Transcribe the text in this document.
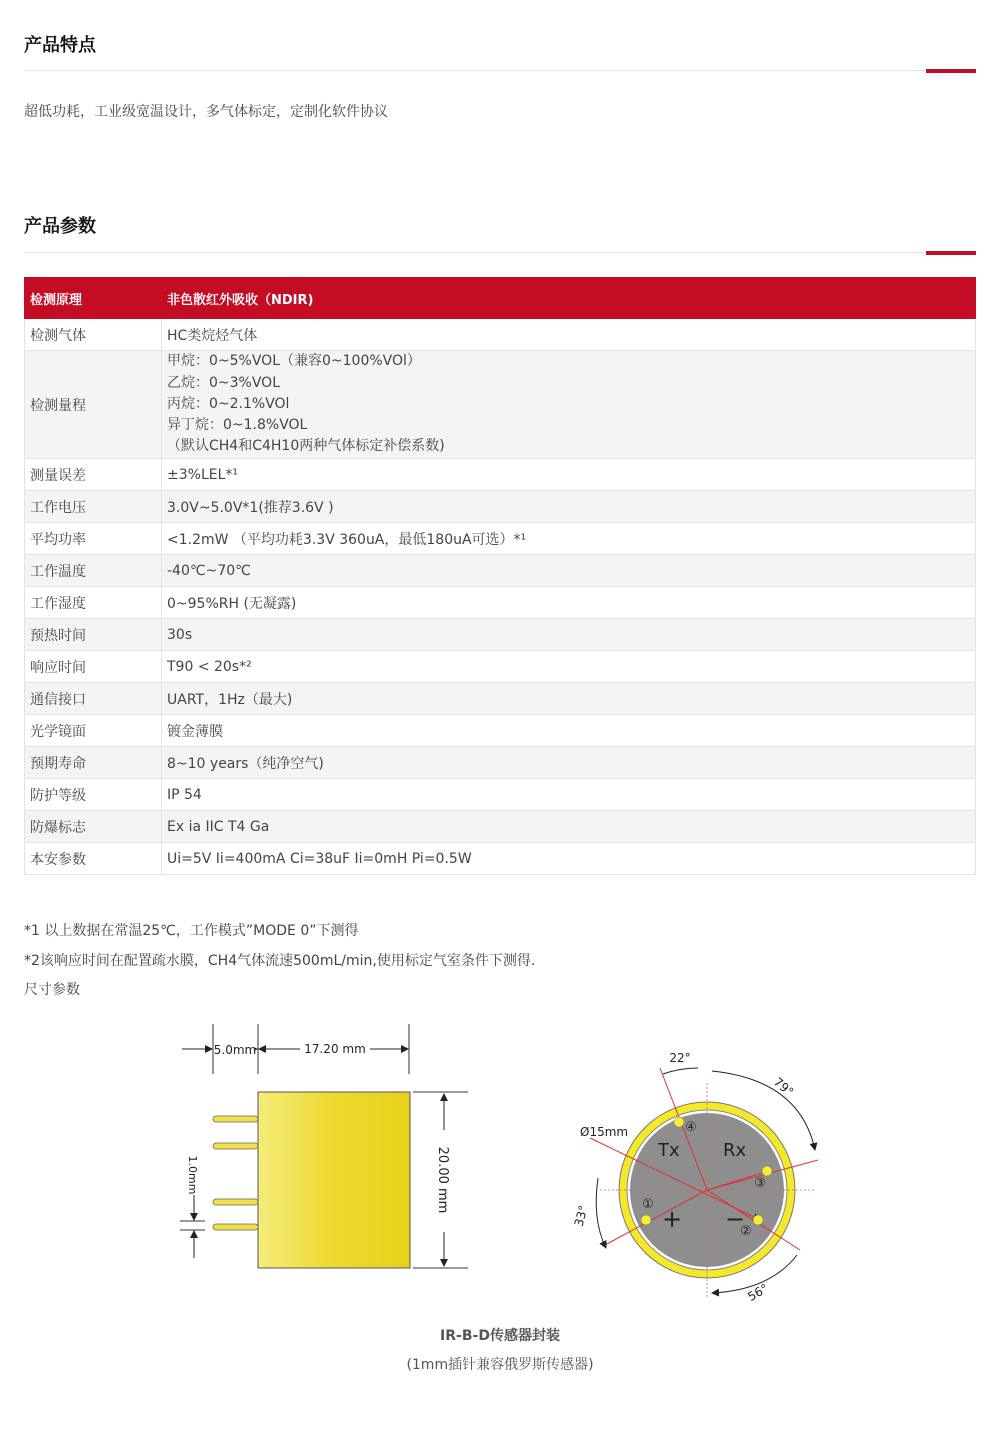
产品特点
超低功耗，工业级宽温设计，多气体标定，定制化软件协议
产品参数
检测原理	非色散红外吸收（NDIR)
检测气体	HC类烷烃气体
检测量程	甲烷：0~5%VOL（兼容0~100%VOl）
乙烷：0~3%VOL
丙烷：0~2.1%VOl
异丁烷：0~1.8%VOL
（默认CH4和C4H10两种气体标定补偿系数)

测量误差	±3%LEL*¹
工作电压	3.0V~5.0V*1(推荐3.6V )
平均功率	<1.2mW （平均功耗3.3V 360uA，最低180uA可选）*¹
工作温度	-40℃~70℃
工作湿度	0~95%RH (无凝露)
预热时间	30s
响应时间	T90 < 20s*²
通信接口	UART，1Hz（最大)
光学镜面	镀金薄膜
预期寿命	8~10 years（纯净空气)
防护等级	IP 54
防爆标志	Ex ia IIC T4 Ga
本安参数	Ui=5V Ii=400mA Ci=38uF Ii=0mH Pi=0.5W
*1 以上数据在常温25℃，工作模式”MODE 0”下测得
*2该响应时间在配置疏水膜，CH4气体流速500mL/min,使用标定气室条件下测得.
尺寸参数
5.0mm	17.20 mm
20.00 mm
1.0mm
Ø15mm
Tx Rx
+ −
④
③
①
②
22°
79°
33°
56°
IR-B-D传感器封装
(1mm插针兼容俄罗斯传感器)
